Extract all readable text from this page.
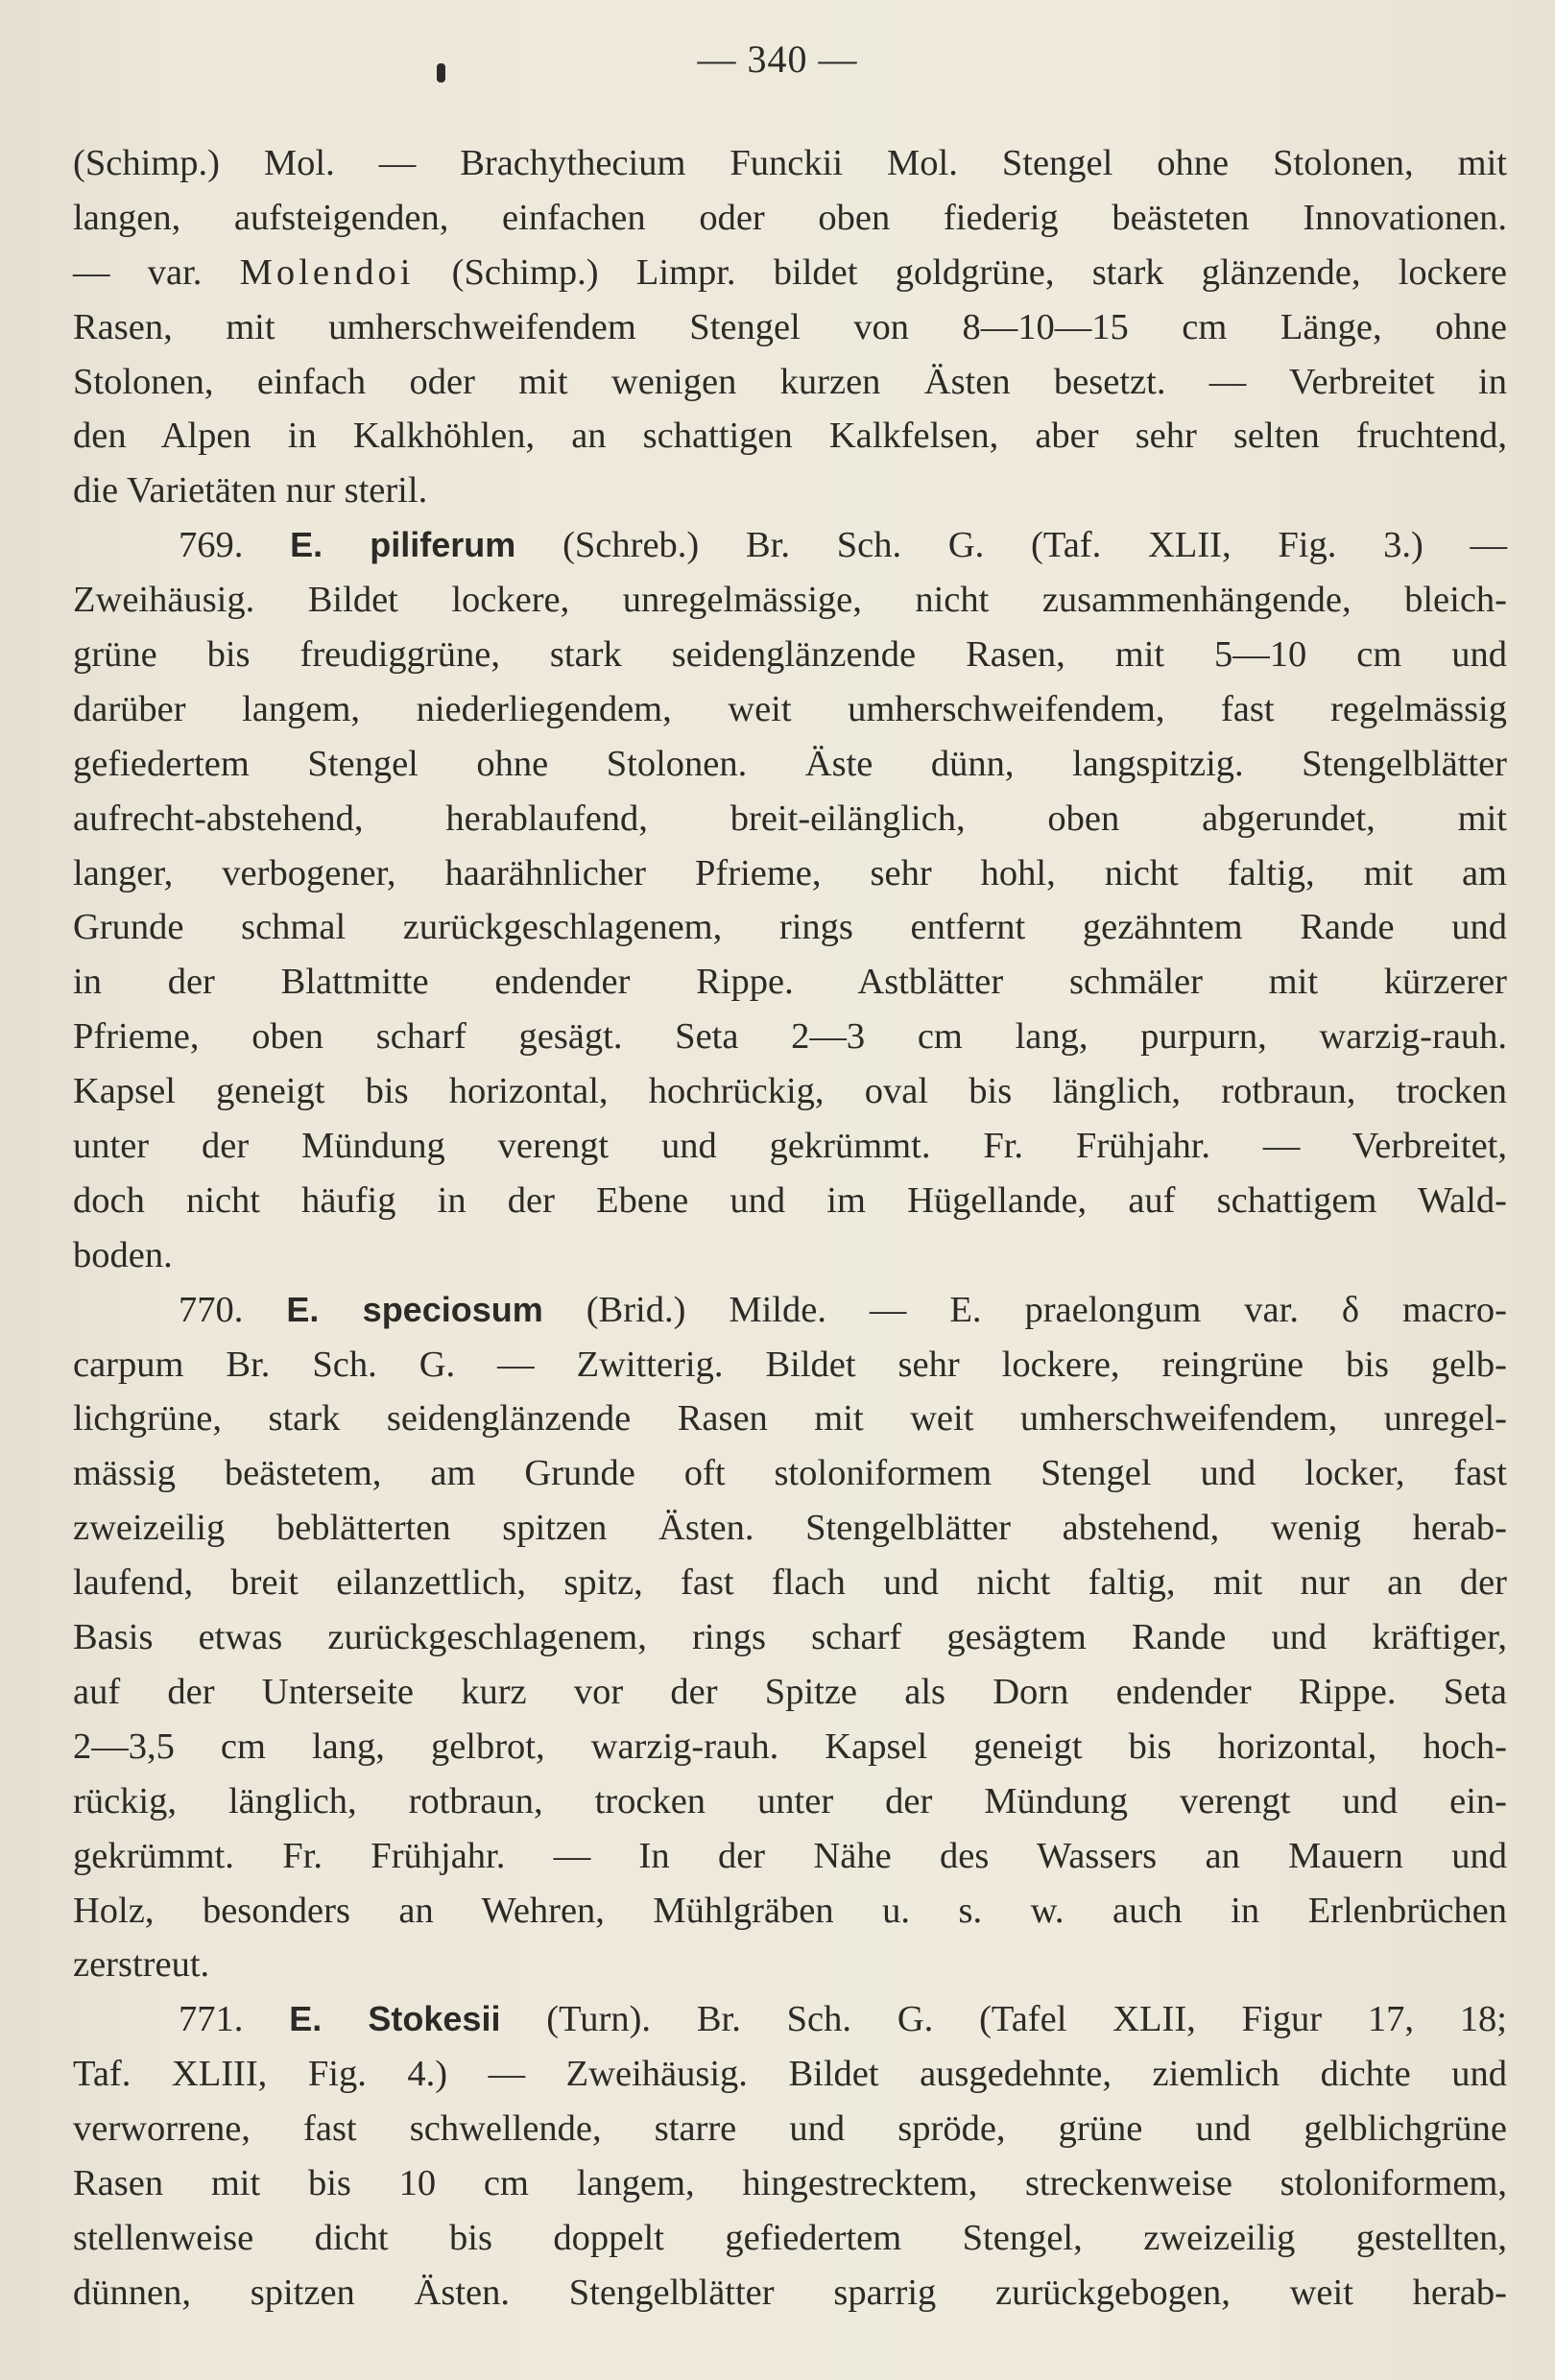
— 340 —
(Schimp.) Mol. — Brachythecium Funckii Mol. Stengel ohne Stolonen, mit
langen, aufsteigenden, einfachen oder oben fiederig beästeten Innovationen.
— var. Molendoi (Schimp.) Limpr. bildet goldgrüne, stark glänzende, lockere
Rasen, mit umherschweifendem Stengel von 8—10—15 cm Länge, ohne
Stolonen, einfach oder mit wenigen kurzen Ästen besetzt. — Verbreitet in
den Alpen in Kalkhöhlen, an schattigen Kalkfelsen, aber sehr selten fruchtend,
die Varietäten nur steril.
769. E. piliferum (Schreb.) Br. Sch. G. (Taf. XLII, Fig. 3.) —
Zweihäusig. Bildet lockere, unregelmässige, nicht zusammenhängende, bleich-
grüne bis freudiggrüne, stark seidenglänzende Rasen, mit 5—10 cm und
darüber langem, niederliegendem, weit umherschweifendem, fast regelmässig
gefiedertem Stengel ohne Stolonen. Äste dünn, langspitzig. Stengelblätter
aufrecht-abstehend, herablaufend, breit-eilänglich, oben abgerundet, mit
langer, verbogener, haarähnlicher Pfrieme, sehr hohl, nicht faltig, mit am
Grunde schmal zurückgeschlagenem, rings entfernt gezähntem Rande und
in der Blattmitte endender Rippe. Astblätter schmäler mit kürzerer
Pfrieme, oben scharf gesägt. Seta 2—3 cm lang, purpurn, warzig-rauh.
Kapsel geneigt bis horizontal, hochrückig, oval bis länglich, rotbraun, trocken
unter der Mündung verengt und gekrümmt. Fr. Frühjahr. — Verbreitet,
doch nicht häufig in der Ebene und im Hügellande, auf schattigem Wald-
boden.
770. E. speciosum (Brid.) Milde. — E. praelongum var. δ macro-
carpum Br. Sch. G. — Zwitterig. Bildet sehr lockere, reingrüne bis gelb-
lichgrüne, stark seidenglänzende Rasen mit weit umherschweifendem, unregel-
mässig beästetem, am Grunde oft stoloniformem Stengel und locker, fast
zweizeilig beblätterten spitzen Ästen. Stengelblätter abstehend, wenig herab-
laufend, breit eilanzettlich, spitz, fast flach und nicht faltig, mit nur an der
Basis etwas zurückgeschlagenem, rings scharf gesägtem Rande und kräftiger,
auf der Unterseite kurz vor der Spitze als Dorn endender Rippe. Seta
2—3,5 cm lang, gelbrot, warzig-rauh. Kapsel geneigt bis horizontal, hoch-
rückig, länglich, rotbraun, trocken unter der Mündung verengt und ein-
gekrümmt. Fr. Frühjahr. — In der Nähe des Wassers an Mauern und
Holz, besonders an Wehren, Mühlgräben u. s. w. auch in Erlenbrüchen
zerstreut.
771. E. Stokesii (Turn). Br. Sch. G. (Tafel XLII, Figur 17, 18;
Taf. XLIII, Fig. 4.) — Zweihäusig. Bildet ausgedehnte, ziemlich dichte und
verworrene, fast schwellende, starre und spröde, grüne und gelblichgrüne
Rasen mit bis 10 cm langem, hingestrecktem, streckenweise stoloniformem,
stellenweise dicht bis doppelt gefiedertem Stengel, zweizeilig gestellten,
dünnen, spitzen Ästen. Stengelblätter sparrig zurückgebogen, weit herab-
